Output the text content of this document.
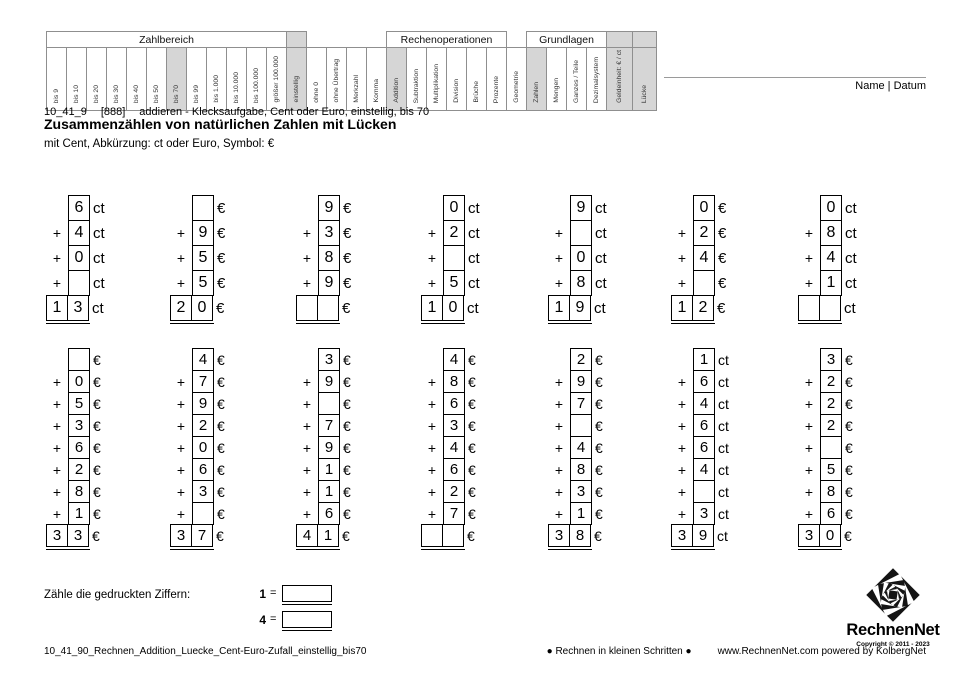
Zahlbereich																	Rechenoperationen							Grundlagen					
bis 9	bis 10	bis 20	bis 30	bis 40	bis 50	bis 70	bis 99	bis 1.000	bis 10.000	bis 100.000	größer 100.000	einstellig	ohne 0	ohne Übertrag	Merkzahl	Komma	Addition	Subtraktion	Multiplikation	Division	Brüche	Prozente	Geometrie	Zahlen	Mengen	Ganzes / Teile	Dezimalsystem	Geldeinheit: € / ct	Lücke	Name | Datum
10_41_9 [888] addieren - Klecksaufgabe, Cent oder Euro, einstellig, bis 70
Zusammenzählen von natürlichen Zahlen mit Lücken
mit Cent, Abkürzung: ct oder Euro, Symbol: €
6 ct
+ 4 ct
+ 0 ct
+	ct
1 3 ct
€
+ 9 €
+ 5 €
+ 5 €
2 0 €
9 €
+ 3 €
+ 8 €
+ 9 €
€
0 ct
+ 2 ct
+	ct
+ 5 ct
1 0 ct
9 ct
+	ct
+ 0 ct
+ 8 ct
1 9 ct
0 €
+ 2 €
+ 4 €
+	€
1 2 €
0 ct
+ 8 ct
+ 4 ct
+ 1 ct
ct
€
+ 0 €
+ 5 €
+ 3 €
+ 6 €
+ 2 €
+ 8 €
+ 1 €
3 3 €
4 €
+ 7 €
+ 9 €
+ 2 €
+ 0 €
+ 6 €
+ 3 €
+	€
3 7 €
3 €
+ 9 €
+	€
+ 7 €
+ 9 €
+ 1 €
+ 1 €
+ 6 €
4 1 €
4 €
+ 8 €
+ 6 €
+ 3 €
+ 4 €
+ 6 €
+ 2 €
+ 7 €
€
2 €
+ 9 €
+ 7 €
+	€
+ 4 €
+ 8 €
+ 3 €
+ 1 €
3 8 €
1 ct
+ 6 ct
+ 4 ct
+ 6 ct
+ 6 ct
+ 4 ct
+	ct
+ 3 ct
3 9 ct
3 €
+ 2 €
+ 2 €
+ 2 €
+	€
+ 5 €
+ 8 €
+ 6 €
3 0 €
Zähle die gedruckten Ziffern:	1 =
4 =
10_41_90_Rechnen_Addition_Luecke_Cent-Euro-Zufall_einstellig_bis70	● Rechnen in kleinen Schritten ●	www.RechnenNet.com powered by KolbergNet
RechnenNet
Copyright © 2011 - 2023
